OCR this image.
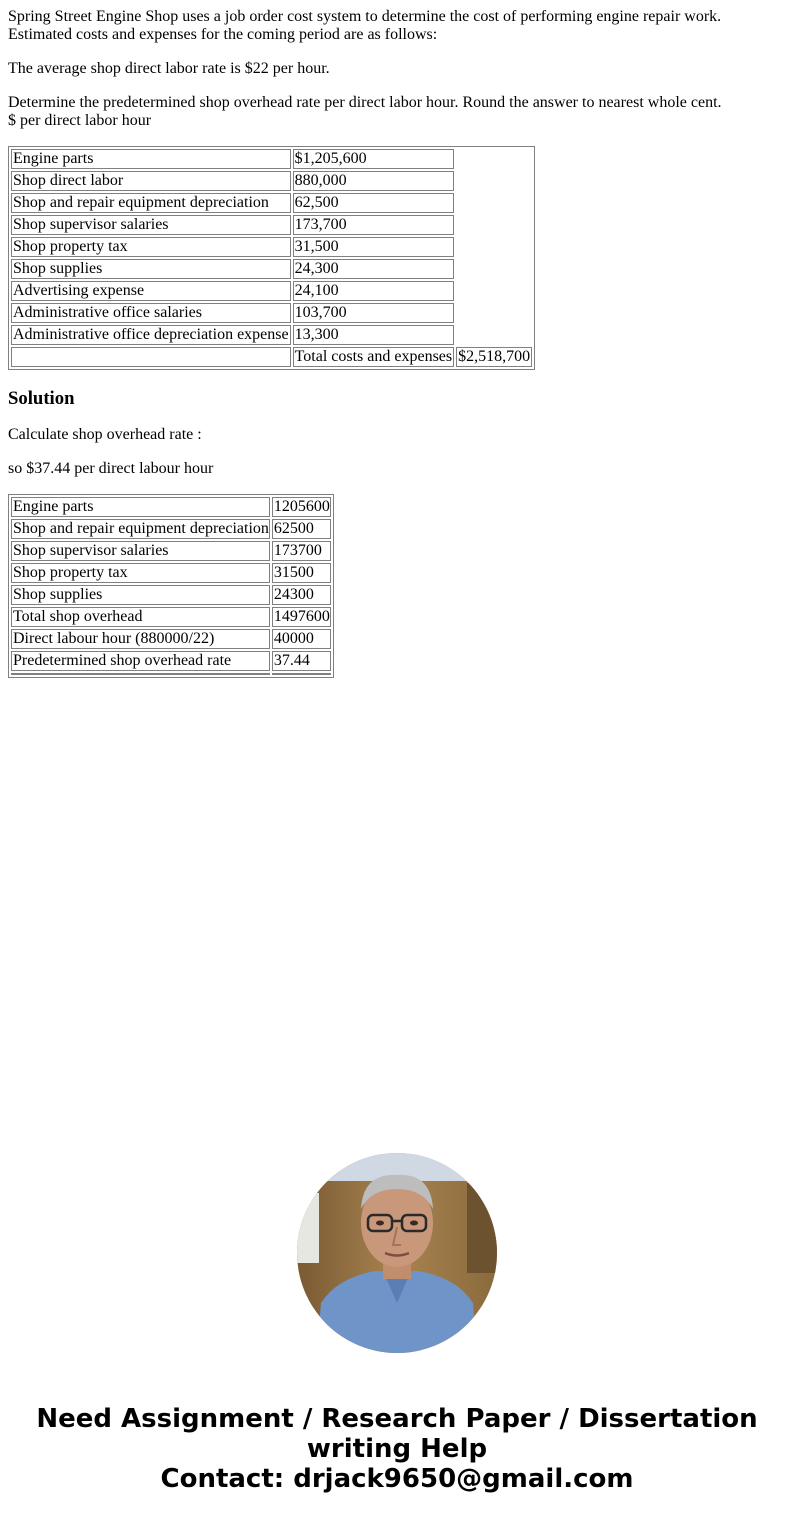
Spring Street Engine Shop uses a job order cost system to determine the cost of performing engine repair work. Estimated costs and expenses for the coming period are as follows:

The average shop direct labor rate is $22 per hour.

Determine the predetermined shop overhead rate per direct labor hour. Round the answer to nearest whole cent.
$ per direct labor hour

Engine parts	$1,205,600	
Shop direct labor	880,000	
Shop and repair equipment depreciation	62,500	
Shop supervisor salaries	173,700	
Shop property tax	31,500	
Shop supplies	24,300	
Advertising expense	24,100	
Administrative office salaries	103,700	
Administrative office depreciation expense	13,300	
	Total costs and expenses	$2,518,700
Solution

Calculate shop overhead rate :

so $37.44 per direct labour hour

Engine parts	1205600
Shop and repair equipment depreciation	62500
Shop supervisor salaries	173700
Shop property tax	31500
Shop supplies	24300
Total shop overhead	1497600
Direct labour hour (880000/22)	40000
Predetermined shop overhead rate	37.44

Need Assignment / Research Paper / Dissertation
writing Help
Contact: drjack9650@gmail.com
